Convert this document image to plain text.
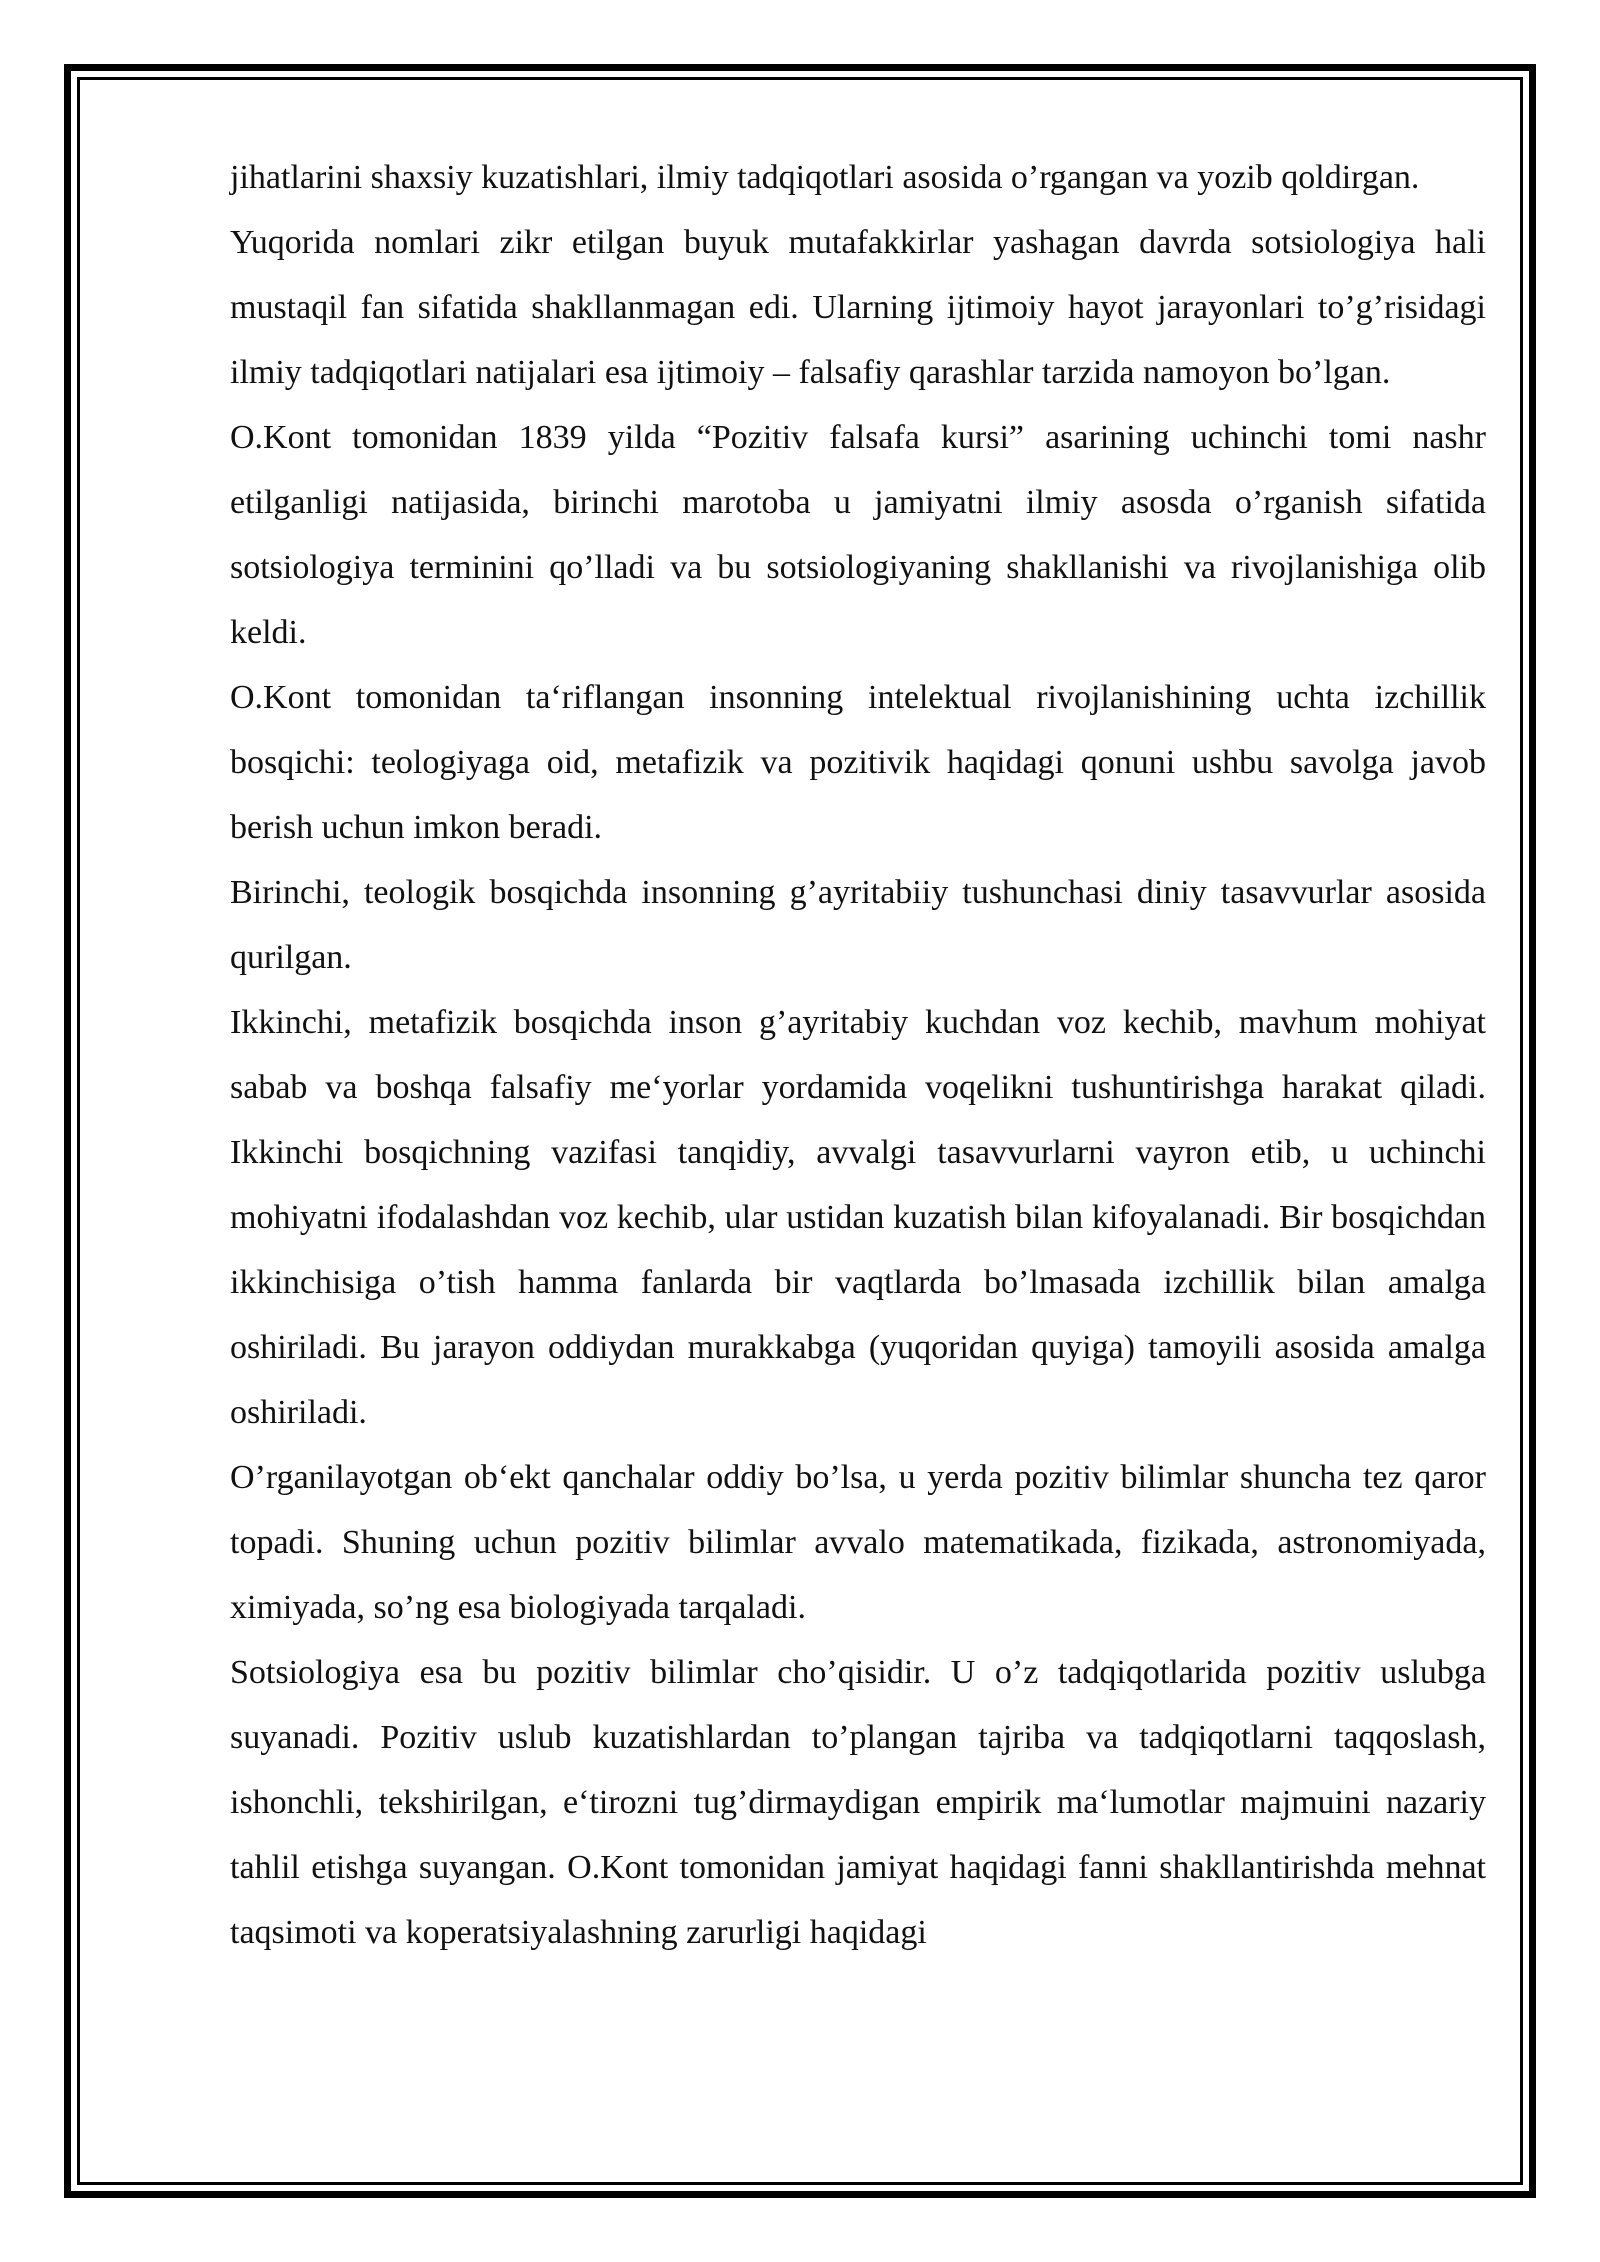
jihatlarini shaxsiy kuzatishlari, ilmiy tadqiqotlari asosida o’rgangan va yozib qoldirgan.

Yuqorida nomlari zikr etilgan buyuk mutafakkirlar yashagan davrda sotsiologiya hali mustaqil fan sifatida shakllanmagan edi. Ularning ijtimoiy hayot jarayonlari to’g’risidagi ilmiy tadqiqotlari natijalari esa ijtimoiy – falsafiy qarashlar tarzida namoyon bo’lgan.

O.Kont tomonidan 1839 yilda “Pozitiv falsafa kursi” asarining uchinchi tomi nashr etilganligi natijasida, birinchi marotoba u jamiyatni ilmiy asosda o’rganish sifatida sotsiologiya terminini qo’lladi va bu sotsiologiyaning shakllanishi va rivojlanishiga olib keldi.

O.Kont tomonidan ta‘riflangan insonning intelektual rivojlanishining uchta izchillik bosqichi: teologiyaga oid, metafizik va pozitivik haqidagi qonuni ushbu savolga javob berish uchun imkon beradi.

Birinchi, teologik bosqichda insonning g’ayritabiiy tushunchasi diniy tasavvurlar asosida qurilgan.

Ikkinchi, metafizik bosqichda inson g’ayritabiy kuchdan voz kechib, mavhum mohiyat sabab va boshqa falsafiy me‘yorlar yordamida voqelikni tushuntirishga harakat qiladi. Ikkinchi bosqichning vazifasi tanqidiy, avvalgi tasavvurlarni vayron etib, u uchinchi mohiyatni ifodalashdan voz kechib, ular ustidan kuzatish bilan kifoyalanadi. Bir bosqichdan ikkinchisiga o’tish hamma fanlarda bir vaqtlarda bo’lmasada izchillik bilan amalga oshiriladi. Bu jarayon oddiydan murakkabga (yuqoridan quyiga) tamoyili asosida amalga oshiriladi.

O’rganilayotgan ob‘ekt qanchalar oddiy bo’lsa, u yerda pozitiv bilimlar shuncha tez qaror topadi. Shuning uchun pozitiv bilimlar avvalo matematikada, fizikada, astronomiyada, ximiyada, so’ng esa biologiyada tarqaladi.

Sotsiologiya esa bu pozitiv bilimlar cho’qisidir. U o’z tadqiqotlarida pozitiv uslubga suyanadi. Pozitiv uslub kuzatishlardan to’plangan tajriba va tadqiqotlarni taqqoslash, ishonchli, tekshirilgan, e‘tirozni tug’dirmaydigan empirik ma‘lumotlar majmuini nazariy tahlil etishga suyangan. O.Kont tomonidan jamiyat haqidagi fanni shakllantirishda mehnat taqsimoti va koperatsiyalashning zarurligi haqidagi
